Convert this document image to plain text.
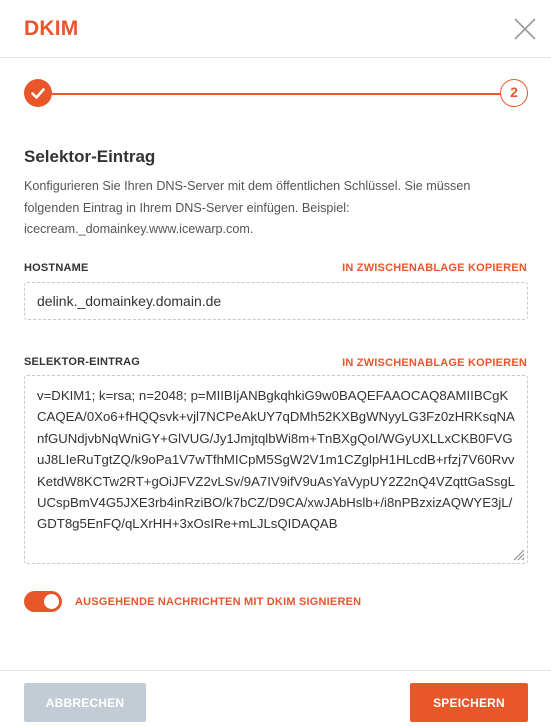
DKIM
2
Selektor-Eintrag
Konfigurieren Sie Ihren DNS-Server mit dem öffentlichen Schlüssel. Sie müssen folgenden Eintrag in Ihrem DNS-Server einfügen. Beispiel: icecream._domainkey.www.icewarp.com.
HOSTNAME	IN ZWISCHENABLAGE KOPIEREN
delink._domainkey.domain.de
SELEKTOR-EINTRAG	IN ZWISCHENABLAGE KOPIEREN
v=DKIM1; k=rsa; n=2048; p=MIIBIjANBgkqhkiG9w0BAQEFAAOCAQ8AMIIBCgKCAQEA/0Xo6+fHQQsvk+vjl7NCPeAkUY7qDMh52KXBgWNyyLG3Fz0zHRKsqNAnfGUNdjvbNqWniGY+GlVUG/Jy1JmjtqlbWi8m+TnBXgQoI/WGyUXLLxCKB0FVGuJ8LIeRuTgtZQ/k9oPa1V7wTfhMICpM5SgW2V1m1CZglpH1HLcdB+rfzj7V60RvvKetdW8KCTw2RT+gOiJFVZ2vLSv/9A7IV9ifV9uAsYaVypUY2Z2nQ4VZqttGaSsgLUCspBmV4G5JXE3rb4inRziBO/k7bCZ/D9CA/xwJAbHslb+/i8nPBzxizAQWYE3jL/GDT8g5EnFQ/qLXrHH+3xOsIRe+mLJLsQIDAQAB
AUSGEHENDE NACHRICHTEN MIT DKIM SIGNIEREN
ABBRECHEN	SPEICHERN
